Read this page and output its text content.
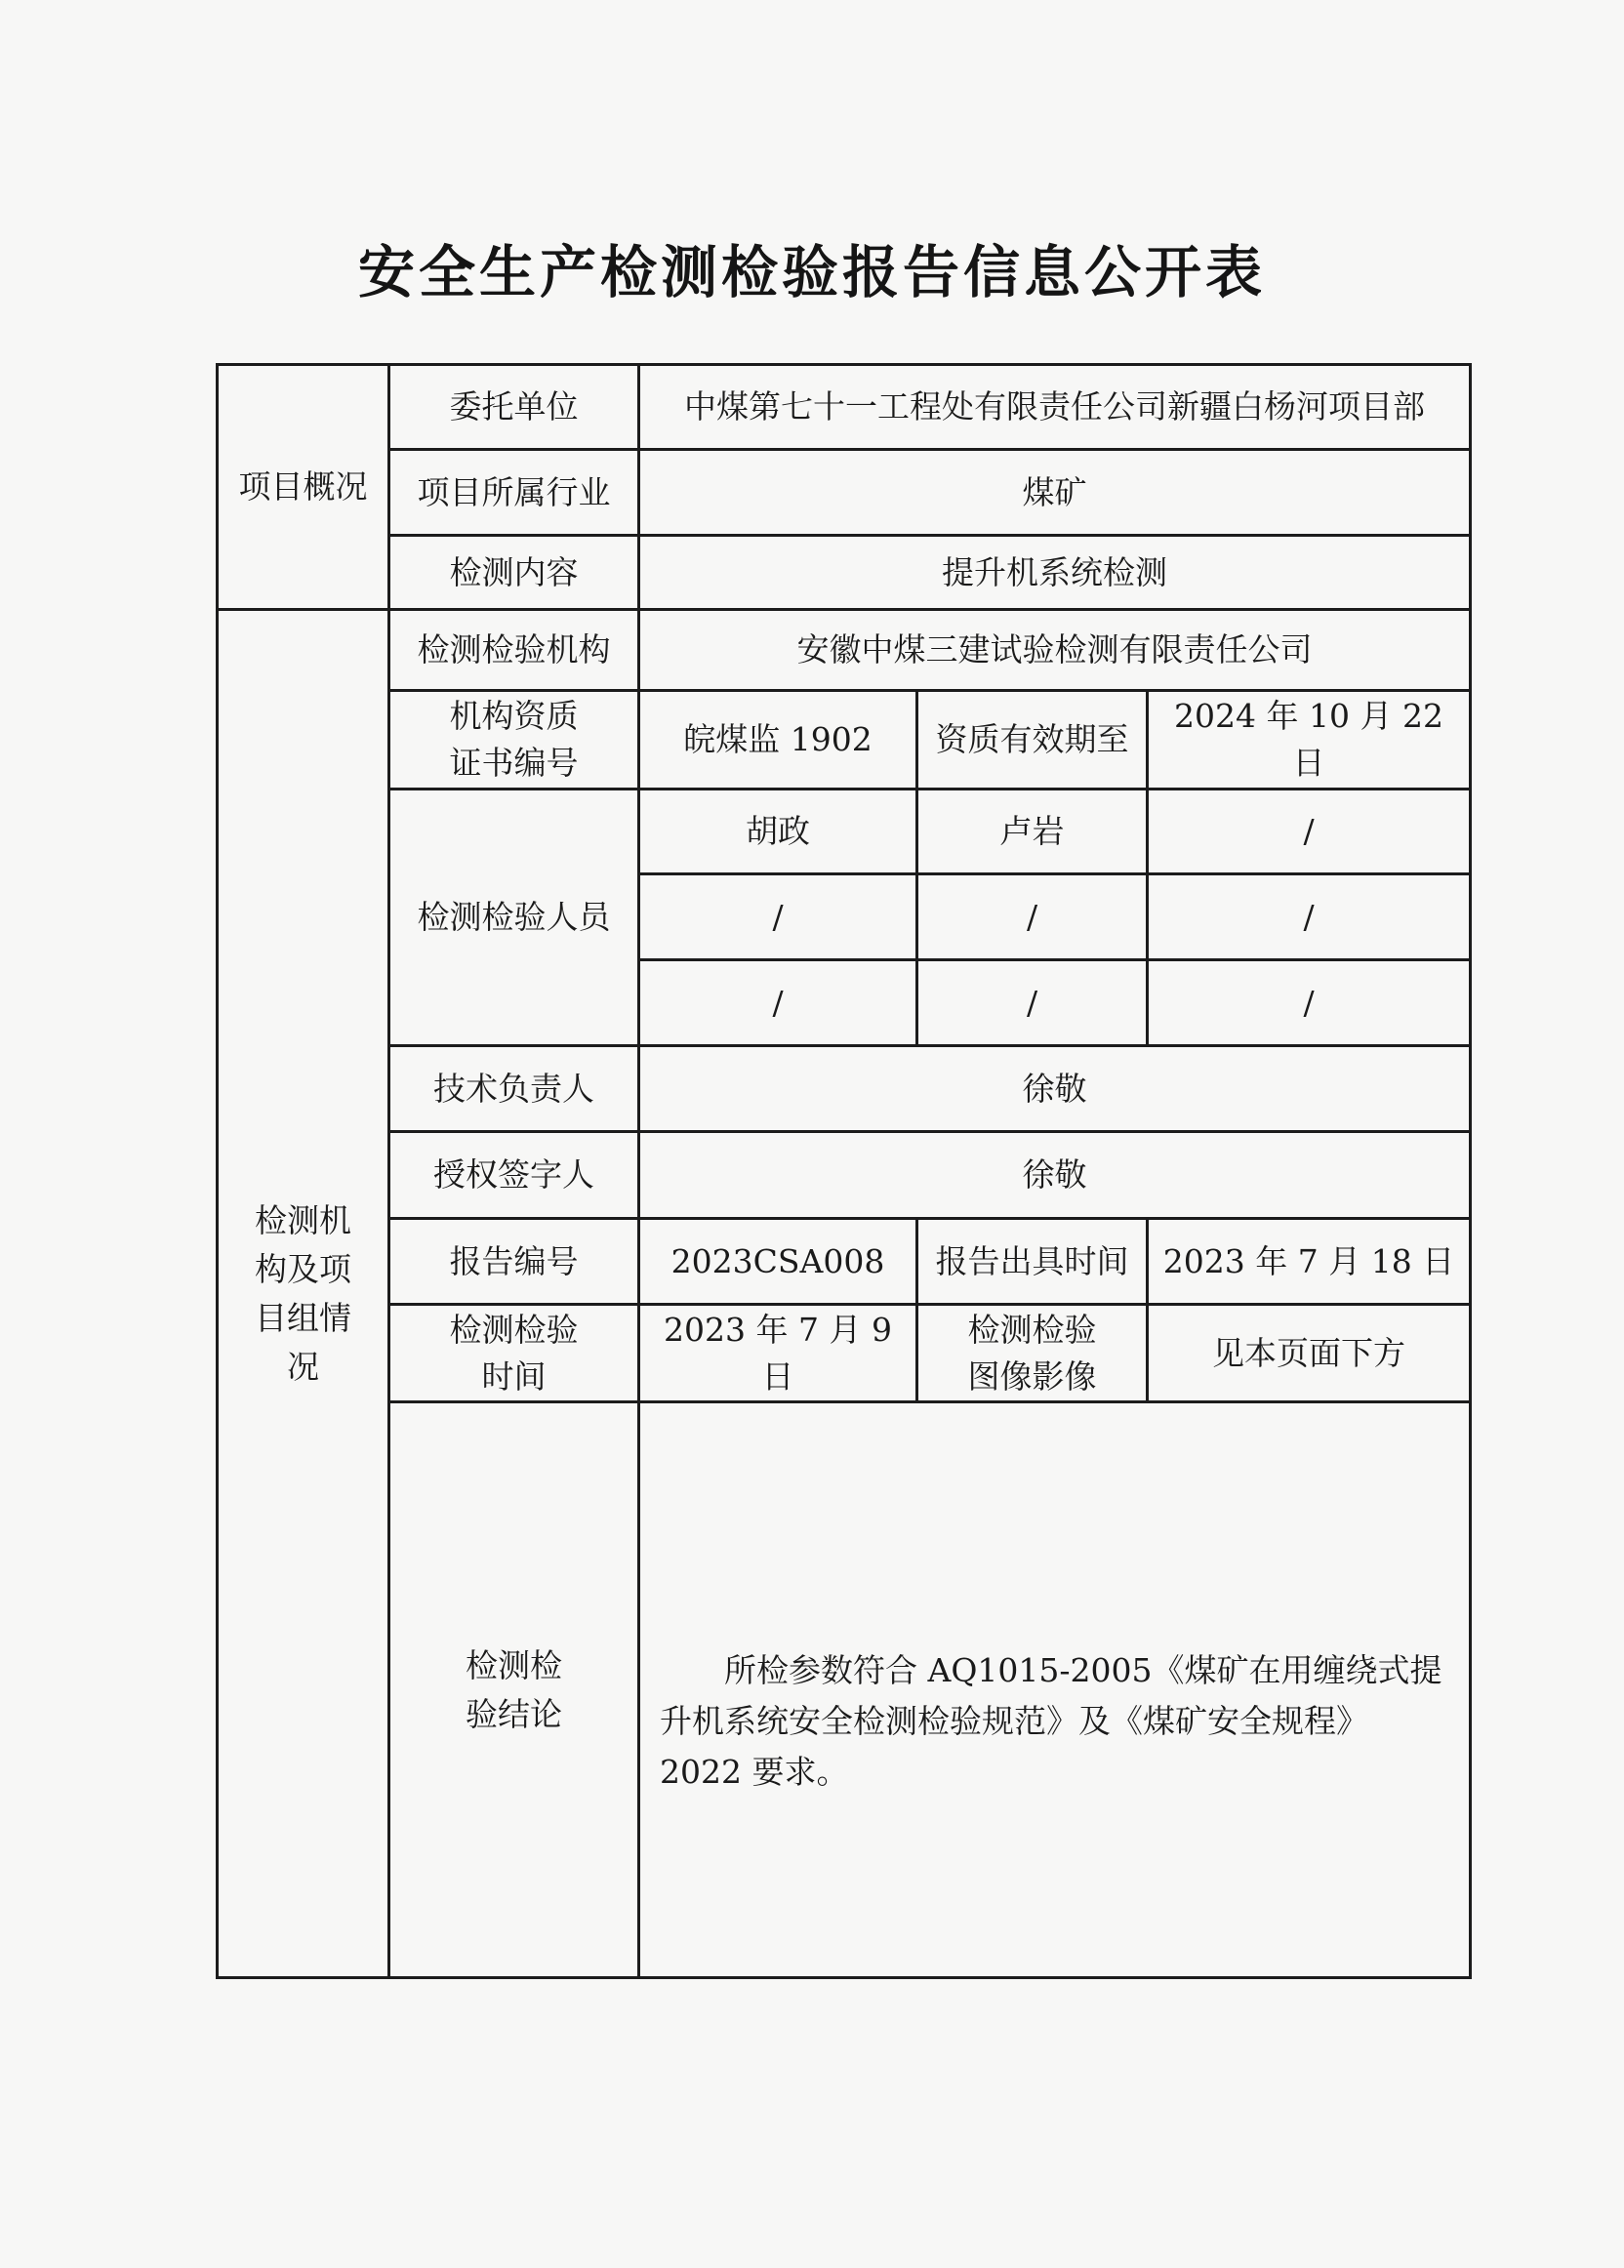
安全生产检测检验报告信息公开表
项目概况	委托单位	中煤第七十一工程处有限责任公司新疆白杨河项目部		
	项目所属行业	煤矿		
	检测内容	提升机系统检测		
检测机构及项目组情况	检测检验机构	安徽中煤三建试验检测有限责任公司		
	机构资质证书编号	皖煤监 1902	资质有效期至	2024 年 10 月 22 日
	检测检验人员	胡政	卢岩	/
		/	/	/
		/	/	/
	技术负责人	徐敬		
	授权签字人	徐敬		
	报告编号	2023CSA008	报告出具时间	2023 年 7 月 18 日
	检测检验时间	2023 年 7 月 9 日	检测检验图像影像	见本页面下方
	检测检验结论	所检参数符合 AQ1015-2005《煤矿在用缠绕式提升机系统安全检测检验规范》及《煤矿安全规程》2022 要求。		
